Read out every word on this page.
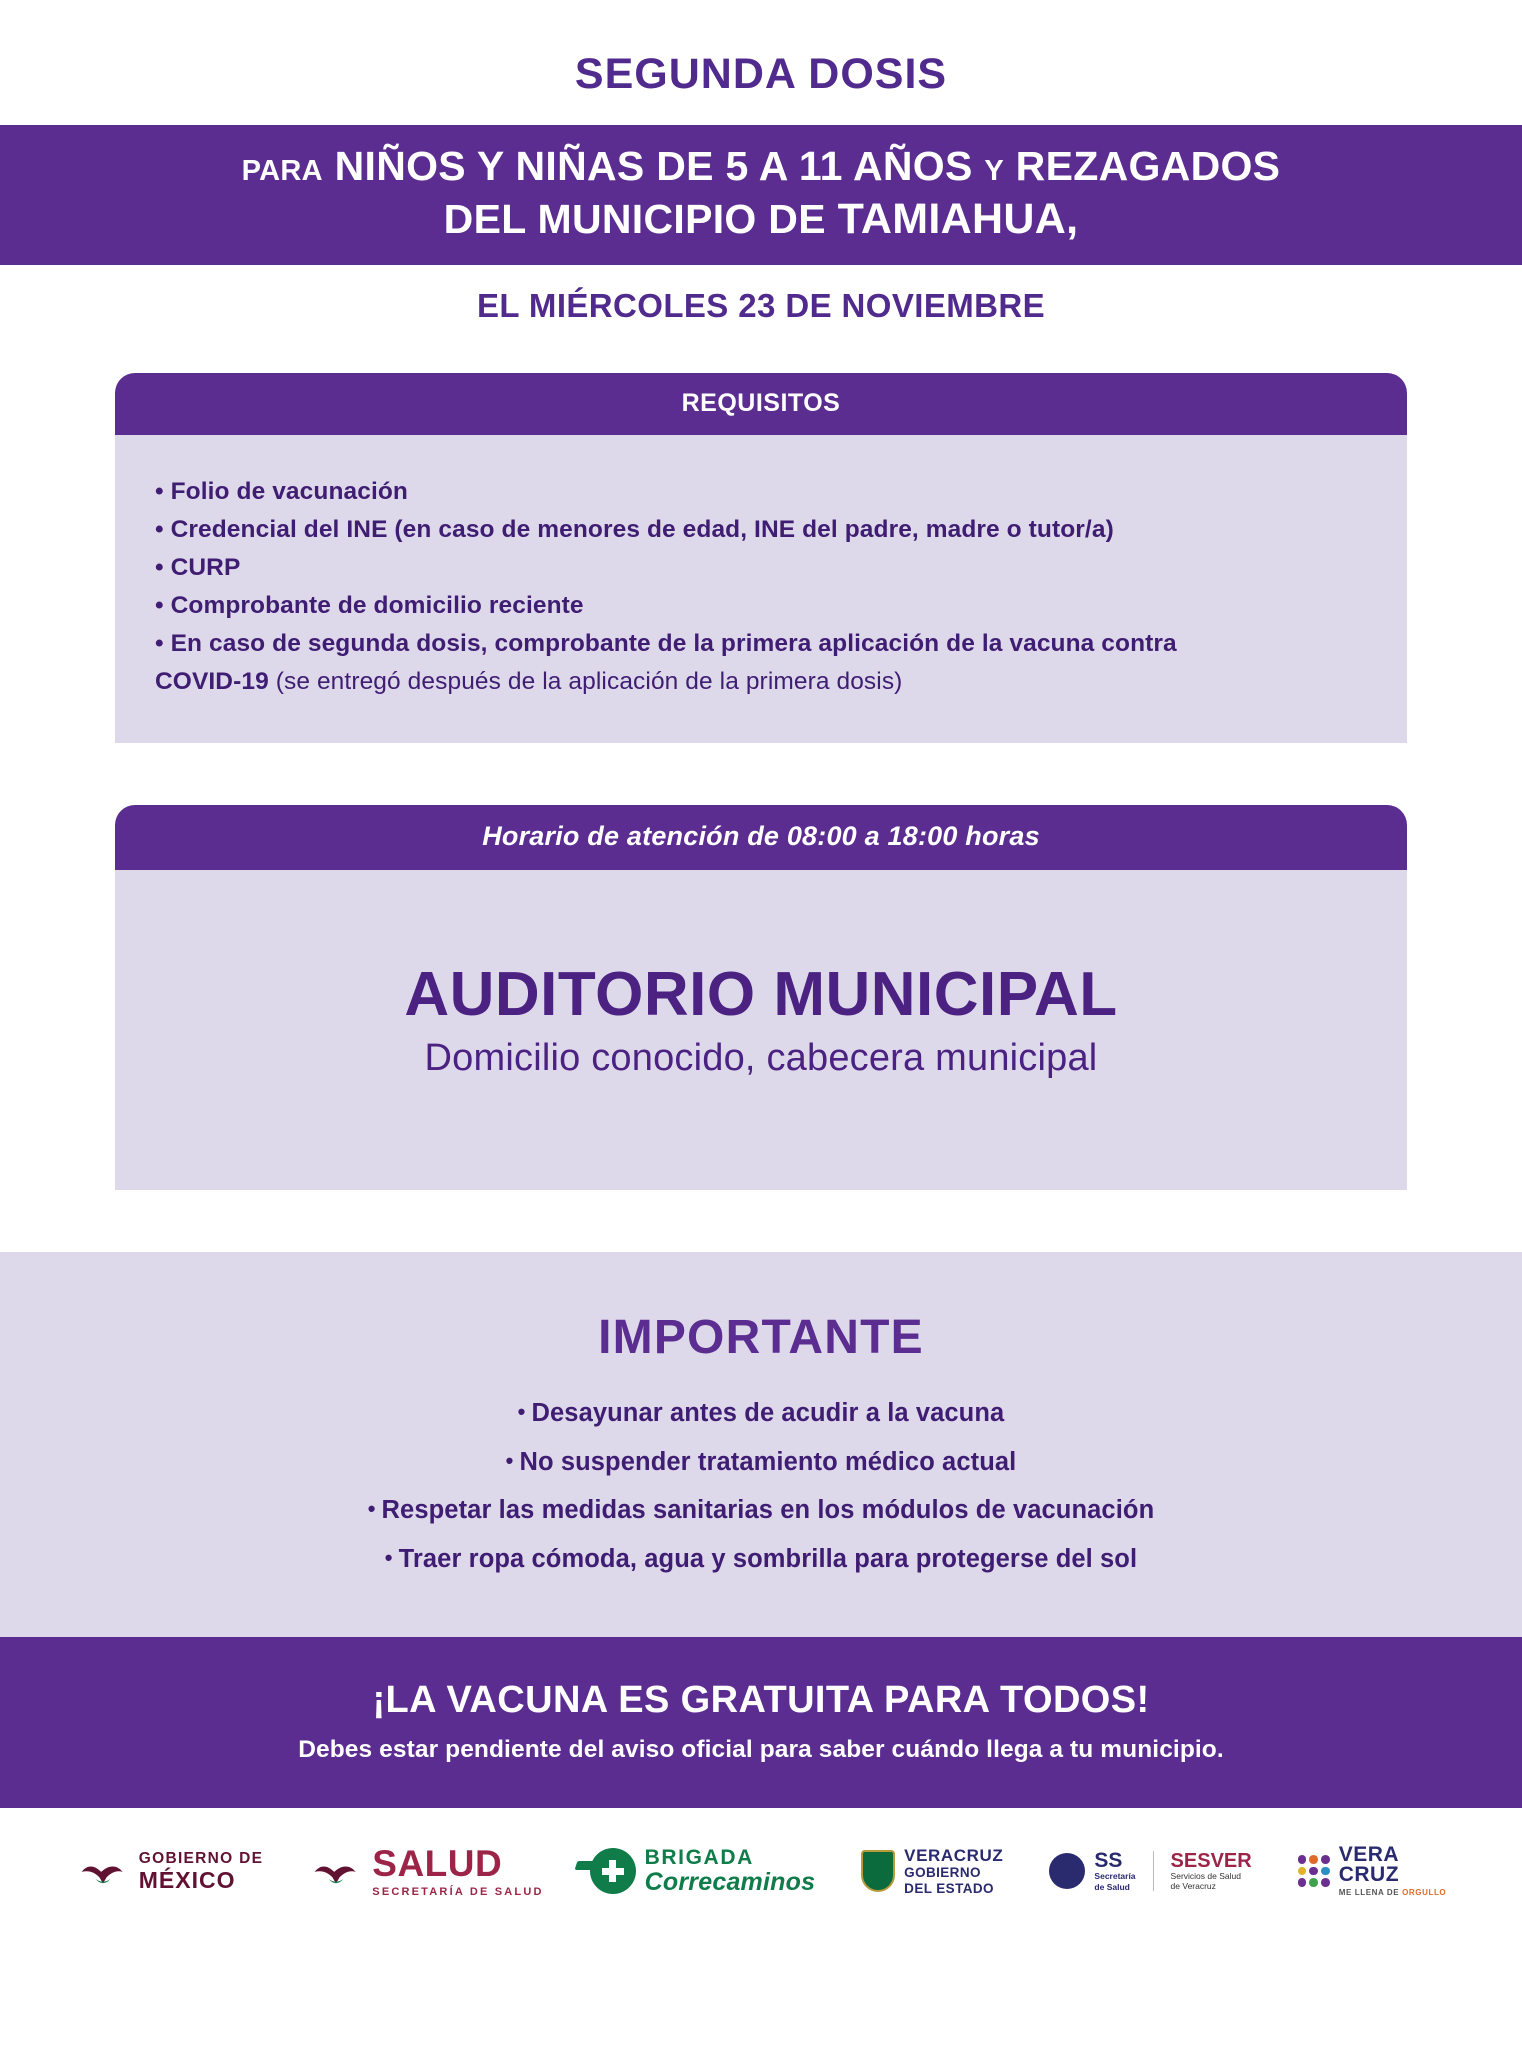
SEGUNDA DOSIS
PARA NIÑOS Y NIÑAS DE 5 A 11 AÑOS Y REZAGADOS
DEL MUNICIPIO DE TAMIAHUA,
EL MIÉRCOLES 23 DE NOVIEMBRE
REQUISITOS
• Folio de vacunación
• Credencial del INE (en caso de menores de edad, INE del padre, madre o tutor/a)
• CURP
• Comprobante de domicilio reciente
• En caso de segunda dosis, comprobante de la primera aplicación de la vacuna contra
COVID-19 (se entregó después de la aplicación de la primera dosis)
Horario de atención de 08:00 a 18:00 horas
AUDITORIO MUNICIPAL
Domicilio conocido, cabecera municipal
IMPORTANTE
• Desayunar antes de acudir a la vacuna
• No suspender tratamiento médico actual
• Respetar las medidas sanitarias en los módulos de vacunación
• Traer ropa cómoda, agua y sombrilla para protegerse del sol
¡LA VACUNA ES GRATUITA PARA TODOS!
Debes estar pendiente del aviso oficial para saber cuándo llega a tu municipio.
GOBIERNO DE
MÉXICO	SALUD
SECRETARÍA DE SALUD
BRIGADA
Correcaminos
VERACRUZ
GOBIERNO
DEL ESTADO
SS
Secretaría
de Salud
SESVER
Servicios de Salud
de Veracruz
VERA
CRUZ
ME LLENA DE ORGULLO
